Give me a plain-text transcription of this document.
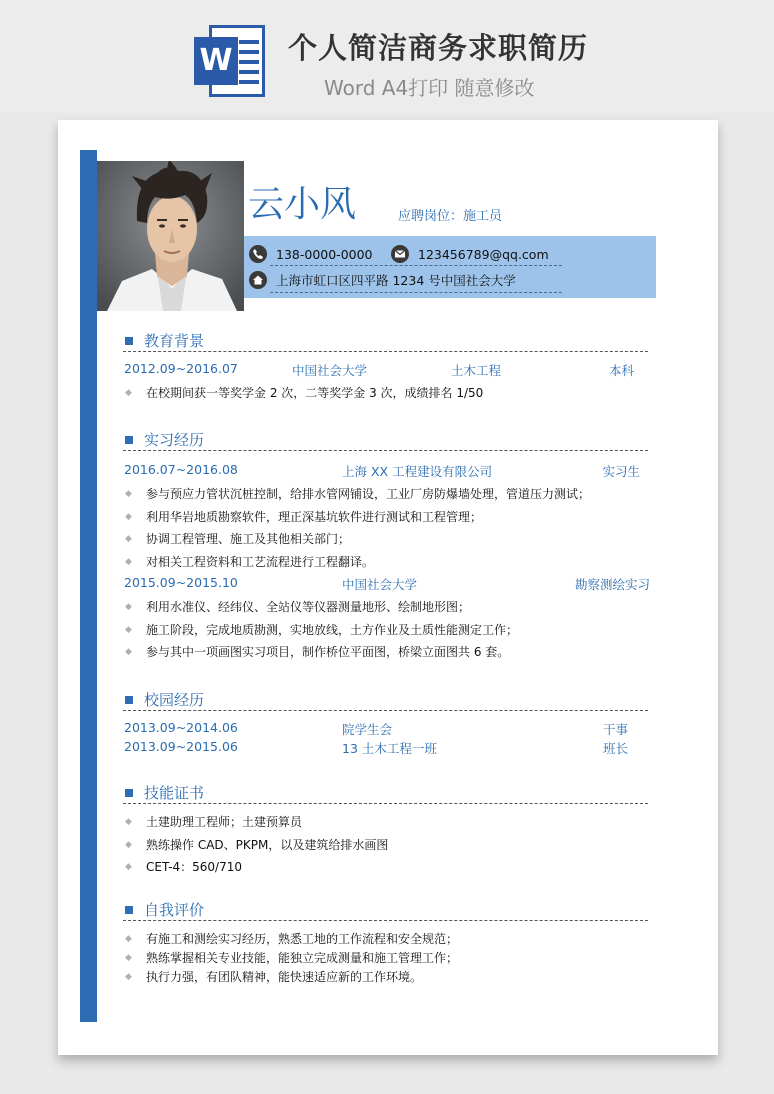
W 个人简洁商务求职简历
Word A4打印 随意修改
云小风	应聘岗位：施工员
138-0000-0000	123456789@qq.com
上海市虹口区四平路 1234 号中国社会大学
教育背景
2012.09~2016.07	中国社会大学	土木工程	本科
◆ 在校期间获一等奖学金 2 次，二等奖学金 3 次，成绩排名 1/50
实习经历
2016.07~2016.08	上海 XX 工程建设有限公司	实习生
◆ 参与预应力管状沉桩控制，给排水管网铺设，工业厂房防爆墙处理，管道压力测试；
◆ 利用华岩地质勘察软件，理正深基坑软件进行测试和工程管理；
◆ 协调工程管理、施工及其他相关部门；
◆ 对相关工程资料和工艺流程进行工程翻译。
2015.09~2015.10	中国社会大学	勘察测绘实习
◆ 利用水准仪、经纬仪、全站仪等仪器测量地形、绘制地形图；
◆ 施工阶段，完成地质勘测，实地放线，土方作业及土质性能测定工作；
◆ 参与其中一项画图实习项目，制作桥位平面图，桥梁立面图共 6 套。
校园经历
2013.09~2014.06	院学生会	干事
2013.09~2015.06	13 土木工程一班	班长
技能证书
◆ 土建助理工程师；土建预算员
◆ 熟练操作 CAD、PKPM，以及建筑给排水画图
◆ CET-4：560/710
自我评价
◆ 有施工和测绘实习经历，熟悉工地的工作流程和安全规范；
◆ 熟练掌握相关专业技能，能独立完成测量和施工管理工作；
◆ 执行力强，有团队精神，能快速适应新的工作环境。
